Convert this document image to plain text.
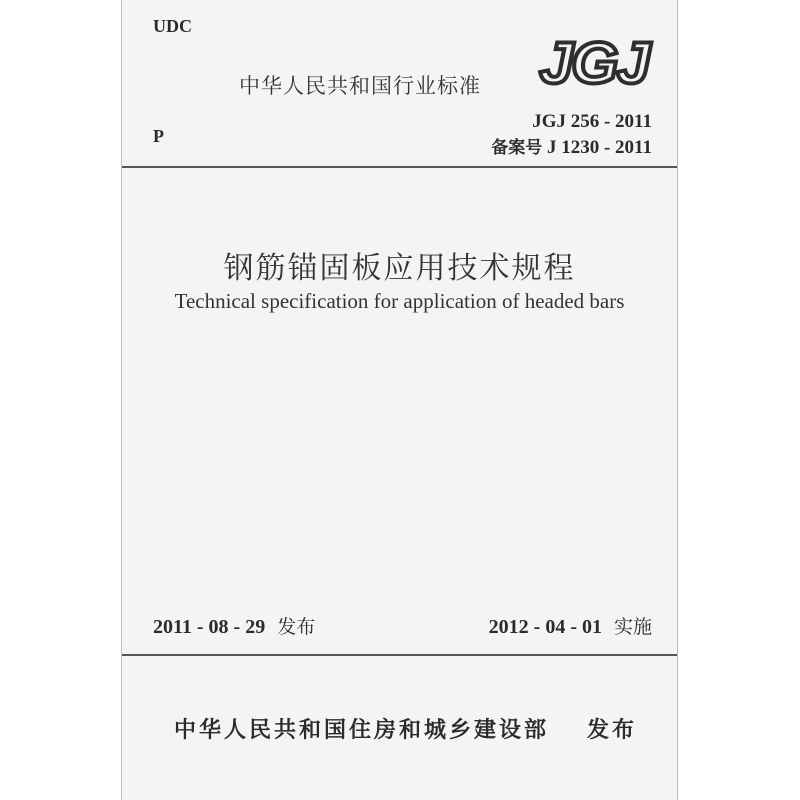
UDC
中华人民共和国行业标准 JGJ
P
JGJ 256 - 2011
备案号 J 1230 - 2011
钢筋锚固板应用技术规程
Technical specification for application of headed bars
2011 - 08 - 29 发布	2012 - 04 - 01 实施
中华人民共和国住房和城乡建设部 发布
